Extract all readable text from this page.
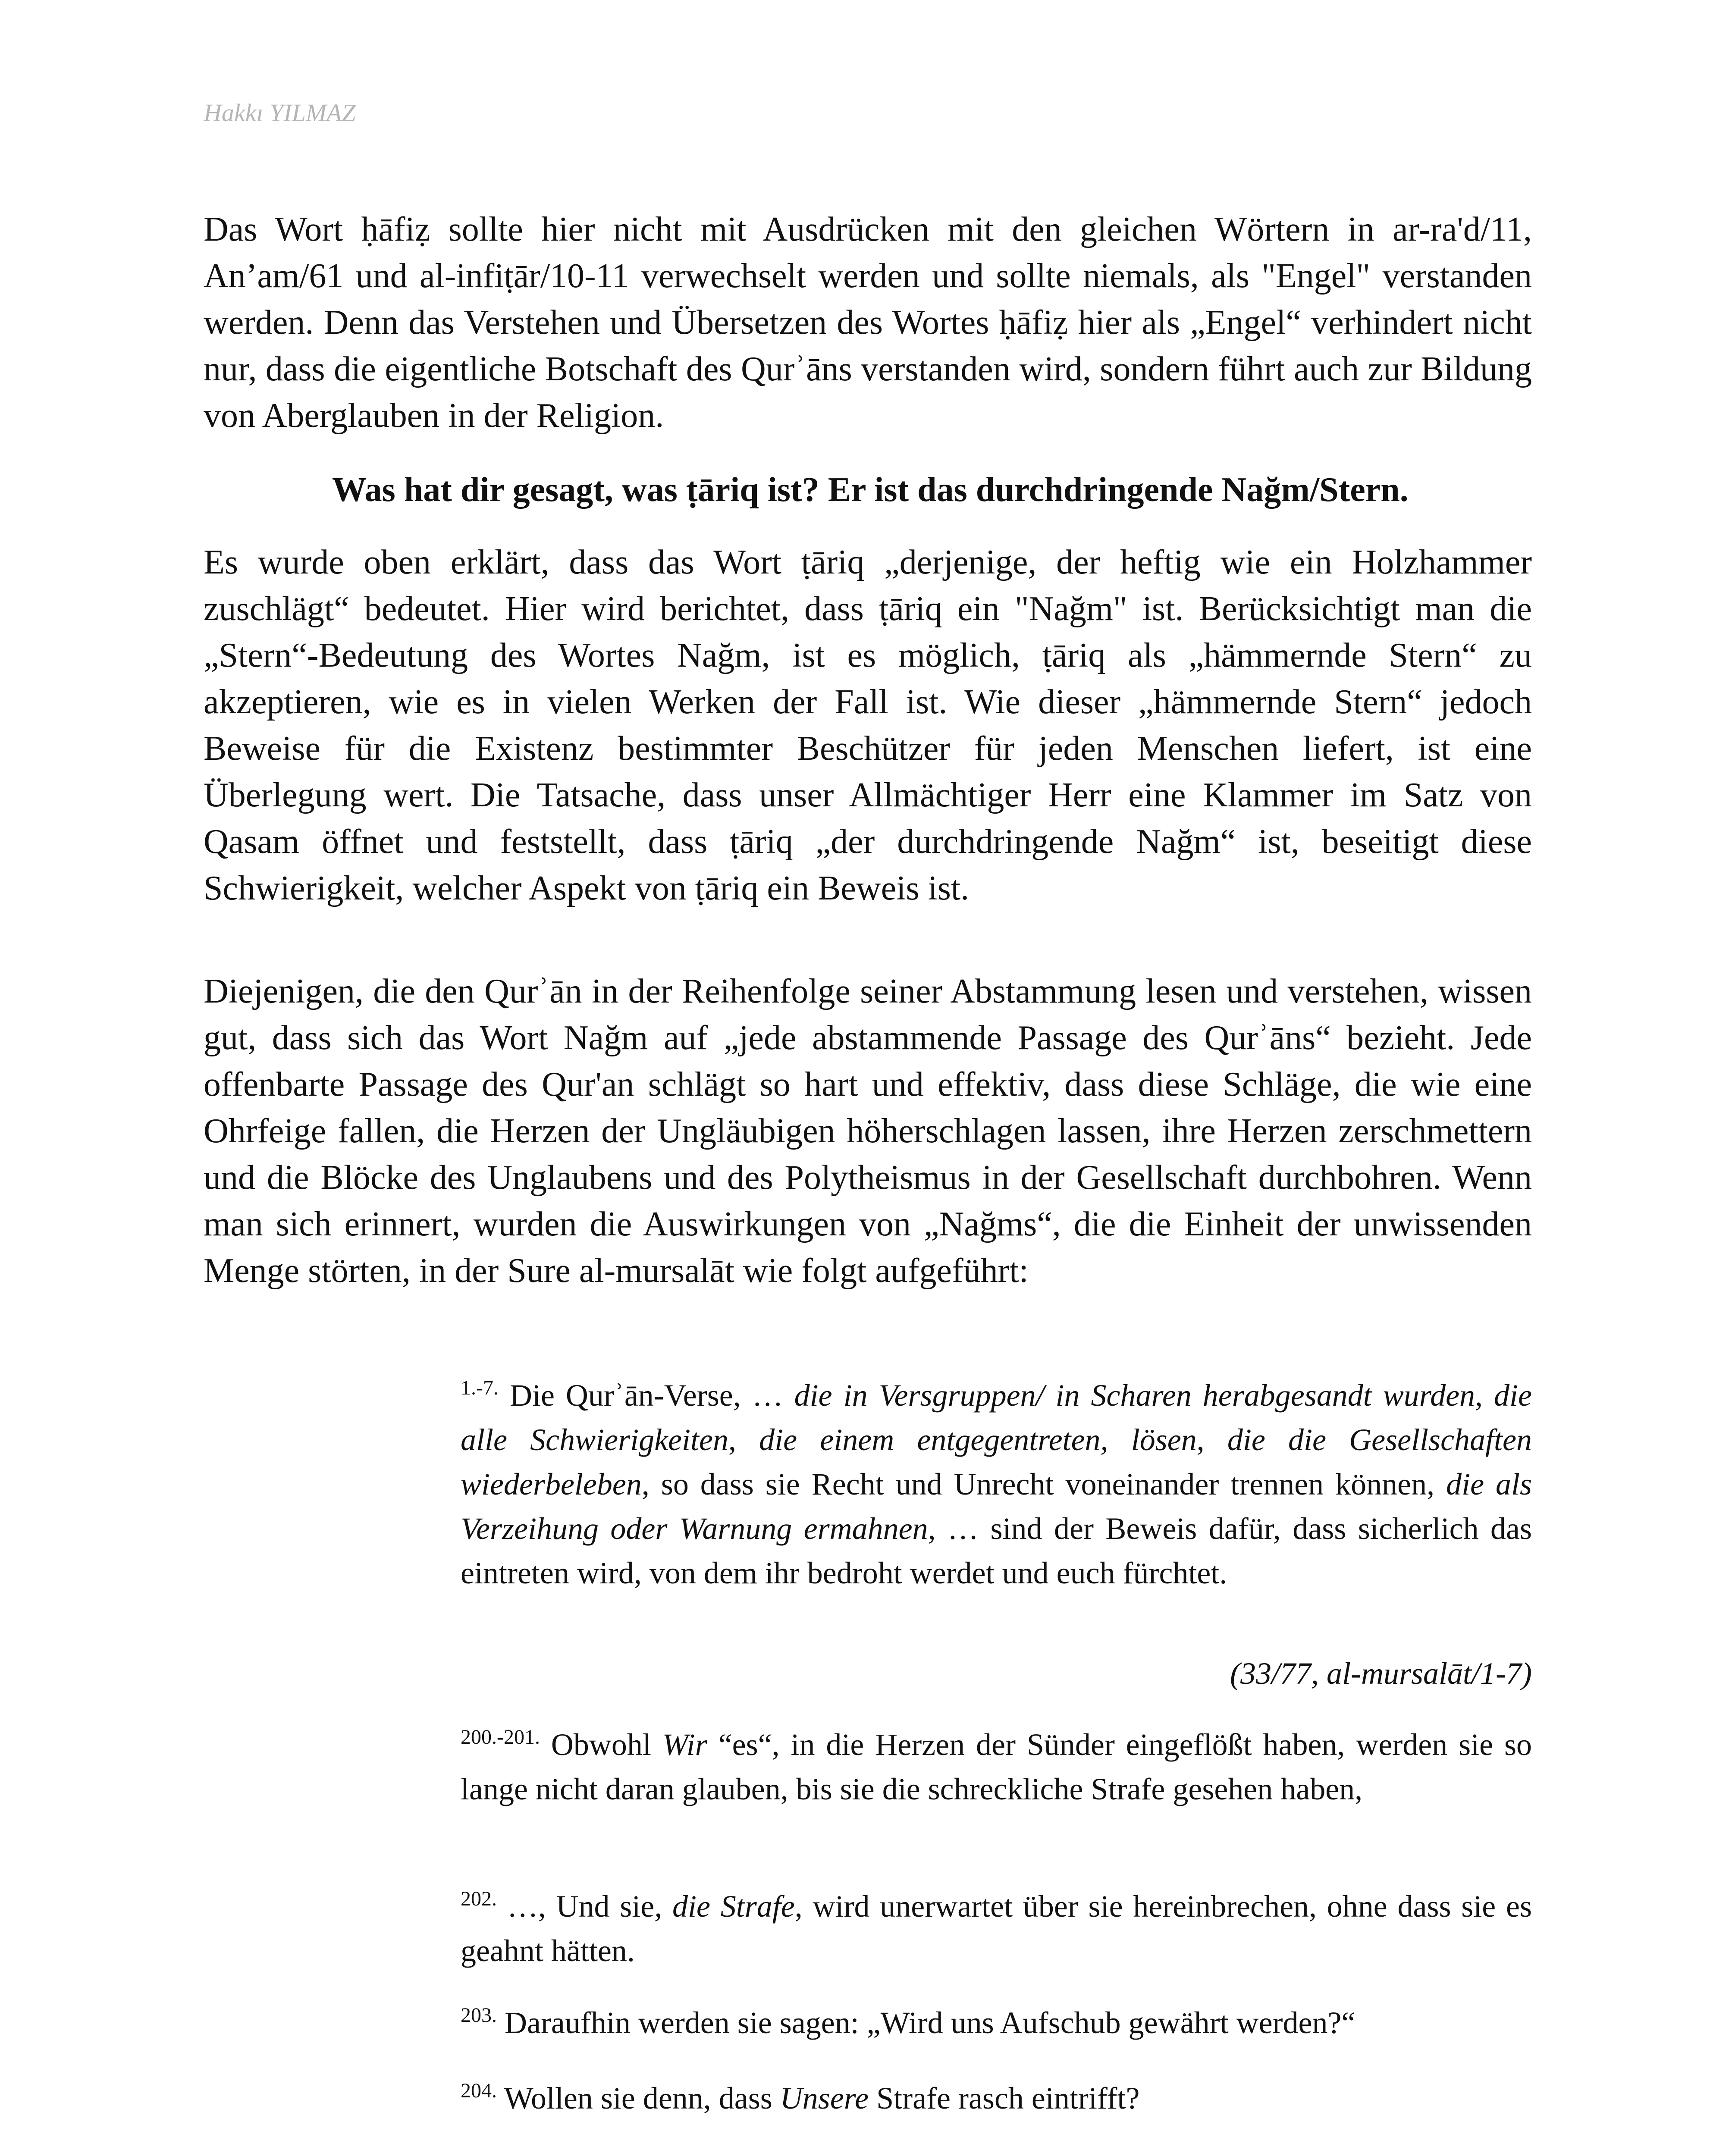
Hakkı YILMAZ

Das Wort ḥāfiẓ sollte hier nicht mit Ausdrücken mit den gleichen Wörtern in ar-ra'd/11, An’am/61 und al-infiṭār/10-11 verwechselt werden und sollte niemals, als "Engel" verstanden werden. Denn das Verstehen und Übersetzen des Wortes ḥāfiẓ hier als „Engel“ verhindert nicht nur, dass die eigentliche Botschaft des Qurʾāns verstanden wird, sondern führt auch zur Bildung von Aberglauben in der Religion.

Was hat dir gesagt, was ṭāriq ist? Er ist das durchdringende Nağm/Stern.

Es wurde oben erklärt, dass das Wort ṭāriq „derjenige, der heftig wie ein Holzhammer zuschlägt“ bedeutet. Hier wird berichtet, dass ṭāriq ein "Nağm" ist. Berücksichtigt man die „Stern“-Bedeutung des Wortes Nağm, ist es möglich, ṭāriq als „hämmernde Stern“ zu akzeptieren, wie es in vielen Werken der Fall ist. Wie dieser „hämmernde Stern“ jedoch Beweise für die Existenz bestimmter Beschützer für jeden Menschen liefert, ist eine Überlegung wert. Die Tatsache, dass unser Allmächtiger Herr eine Klammer im Satz von Qasam öffnet und feststellt, dass ṭāriq „der durchdringende Nağm“ ist, beseitigt diese Schwierigkeit, welcher Aspekt von ṭāriq ein Beweis ist.

Diejenigen, die den Qurʾān in der Reihenfolge seiner Abstammung lesen und verstehen, wissen gut, dass sich das Wort Nağm auf „jede abstammende Passage des Qurʾāns“ bezieht. Jede offenbarte Passage des Qur'an schlägt so hart und effektiv, dass diese Schläge, die wie eine Ohrfeige fallen, die Herzen der Ungläubigen höherschlagen lassen, ihre Herzen zerschmettern und die Blöcke des Unglaubens und des Polytheismus in der Gesellschaft durchbohren. Wenn man sich erinnert, wurden die Auswirkungen von „Nağms“, die die Einheit der unwissenden Menge störten, in der Sure al-mursalāt wie folgt aufgeführt:

$^{1.-7.}$ Die Qurʾān-Verse, … die in Versgruppen/ in Scharen herabgesandt wurden, die alle Schwierigkeiten, die einem entgegentreten, lösen, die die Gesellschaften wiederbeleben, so dass sie Recht und Unrecht voneinander trennen können, die als Verzeihung oder Warnung ermahnen, … sind der Beweis dafür, dass sicherlich das eintreten wird, von dem ihr bedroht werdet und euch fürchtet.

(33/77, al-mursalāt/1-7)

$^{200.-201.}$ Obwohl Wir “es“, in die Herzen der Sünder eingeflößt haben, werden sie so lange nicht daran glauben, bis sie die schreckliche Strafe gesehen haben,

$^{202.}$ …, Und sie, die Strafe, wird unerwartet über sie hereinbrechen, ohne dass sie es geahnt hätten.

$^{203.}$ Daraufhin werden sie sagen: „Wird uns Aufschub gewährt werden?“

$^{204.}$ Wollen sie denn, dass Unsere Strafe rasch eintrifft?
